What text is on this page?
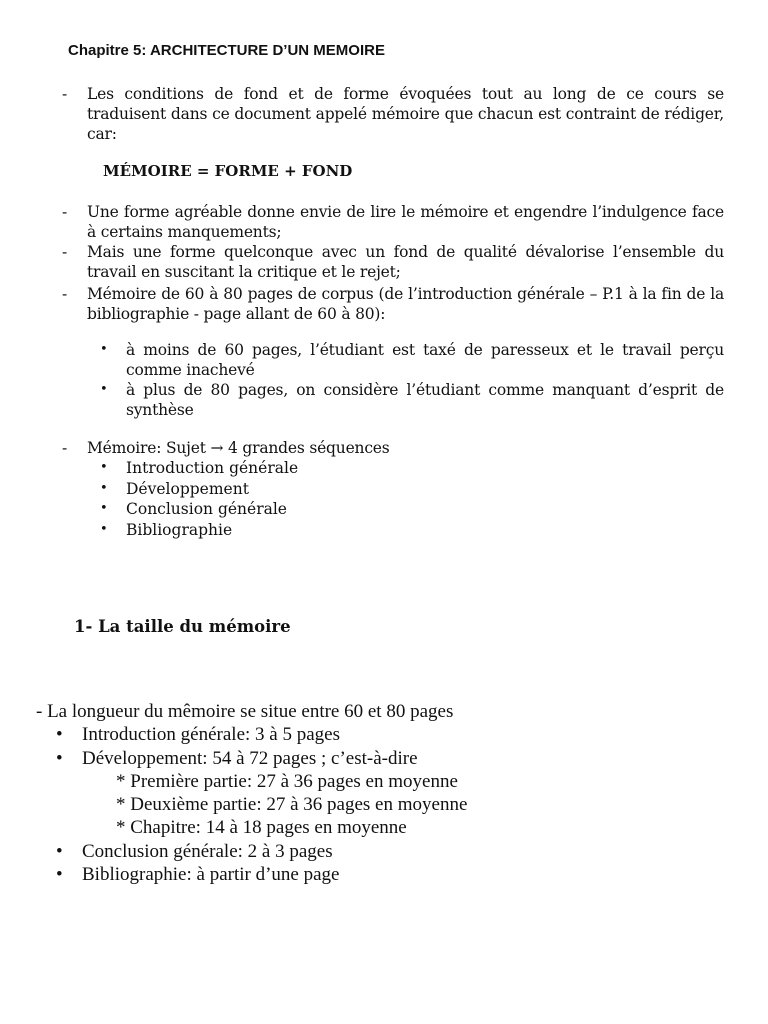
Chapitre 5: ARCHITECTURE D’UN MEMOIRE
-	Les conditions de fond et de forme évoquées tout au long de ce cours se traduisent dans ce document appelé mémoire que chacun est contraint de rédiger, car:
MÉMOIRE = FORME + FOND
-	Une forme agréable donne envie de lire le mémoire et engendre l’indulgence face à certains manquements;
-	Mais une forme quelconque avec un fond de qualité dévalorise l’ensemble du travail en suscitant la critique et le rejet;
-	Mémoire de 60 à 80 pages de corpus (de l’introduction générale – P.1 à la fin de la bibliographie - page allant de 60 à 80):
• à moins de 60 pages, l’étudiant est taxé de paresseux et le travail perçu comme inachevé
• à plus de 80 pages, on considère l’étudiant comme manquant d’esprit de synthèse
-	Mémoire: Sujet → 4 grandes séquences
• Introduction générale
• Développement
• Conclusion générale
• Bibliographie
1- La taille du mémoire
- La longueur du mêmoire se situe entre 60 et 80 pages
• Introduction générale: 3 à 5 pages
• Développement: 54 à 72 pages ; c’est-à-dire
* Première partie: 27 à 36 pages en moyenne
* Deuxième partie: 27 à 36 pages en moyenne
* Chapitre: 14 à 18 pages en moyenne
• Conclusion générale: 2 à 3 pages
• Bibliographie: à partir d’une page
